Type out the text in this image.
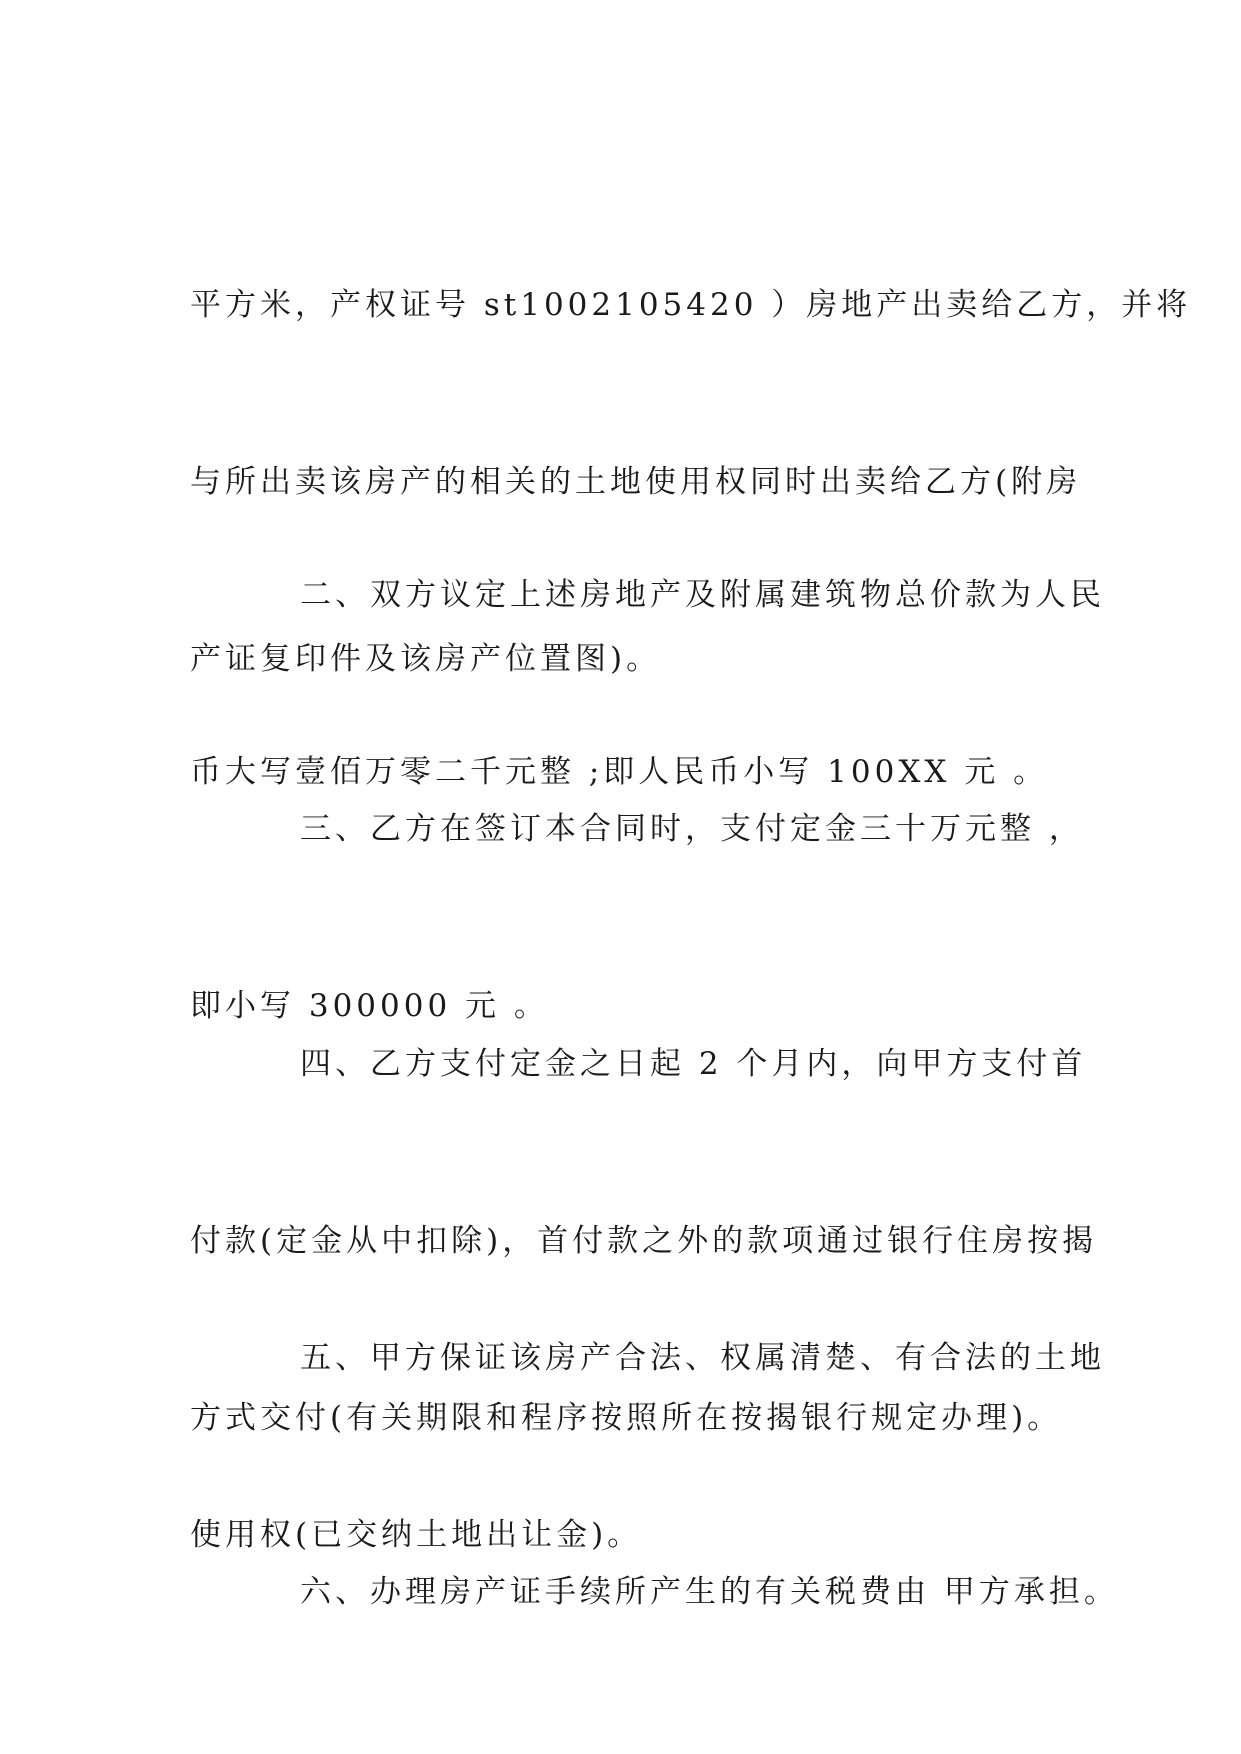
平方米，产权证号 st1002105420 ）房地产出卖给乙方，并将

与所出卖该房产的相关的土地使用权同时出卖给乙方(附房

产证复印件及该房产位置图)。

二、双方议定上述房地产及附属建筑物总价款为人民

币大写壹佰万零二千元整 ;即人民币小写 100XX 元 。

三、乙方在签订本合同时，支付定金三十万元整 ，

即小写 300000 元 。

四、乙方支付定金之日起 2 个月内，向甲方支付首

付款(定金从中扣除)，首付款之外的款项通过银行住房按揭

方式交付(有关期限和程序按照所在按揭银行规定办理)。

五、甲方保证该房产合法、权属清楚、有合法的土地

使用权(已交纳土地出让金)。

六、办理房产证手续所产生的有关税费由 甲方承担。
